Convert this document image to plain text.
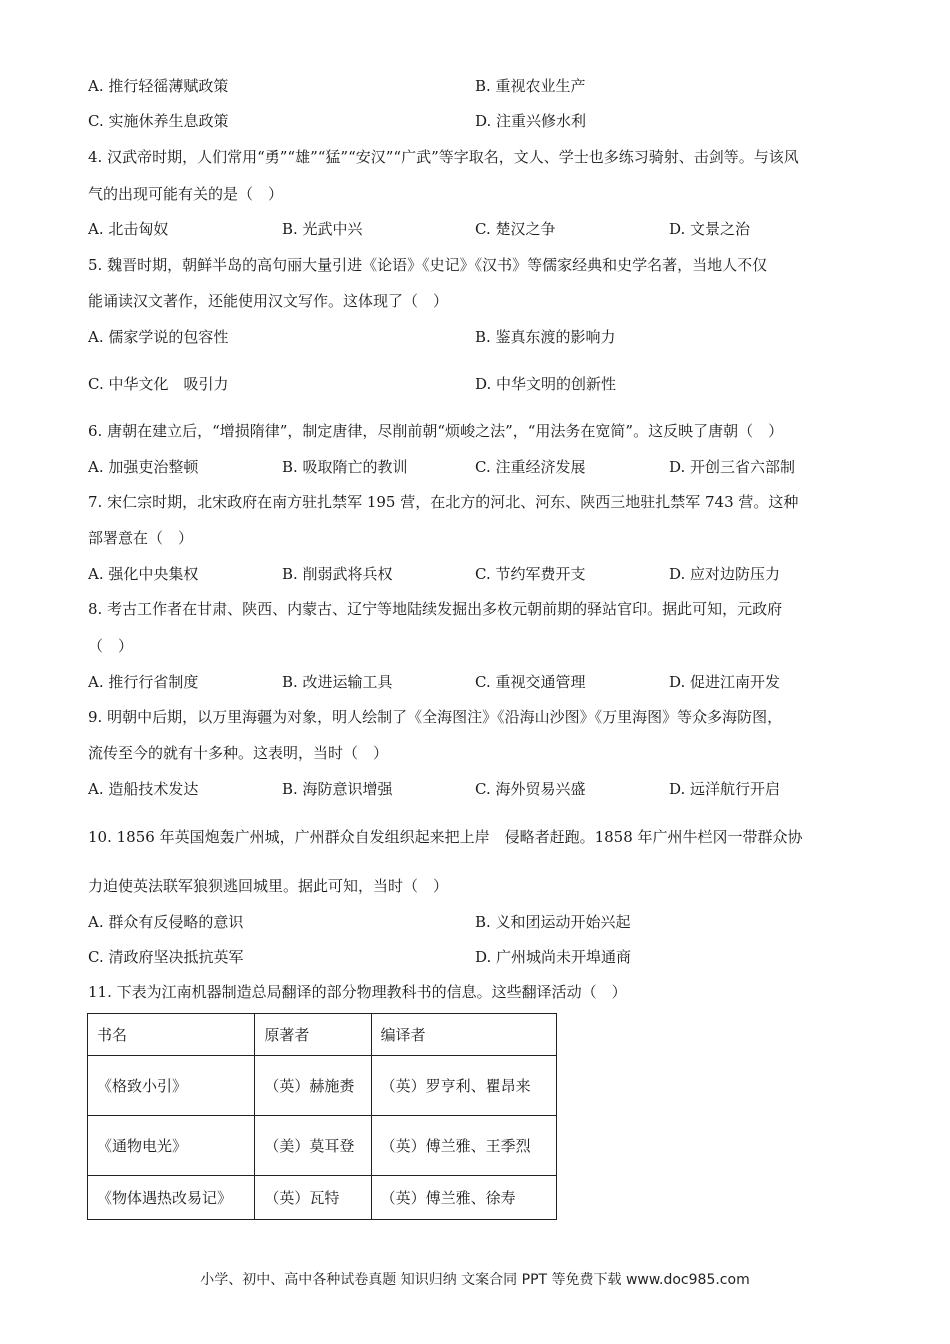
A. 推行轻徭薄赋政策	B. 重视农业生产
C. 实施休养生息政策	D. 注重兴修水利
4. 汉武帝时期，人们常用“勇”“雄”“猛”“安汉”“广武”等字取名，文人、学士也多练习骑射、击剑等。与该风
气的出现可能有关的是（　）
A. 北击匈奴	B. 光武中兴	C. 楚汉之争	D. 文景之治
5. 魏晋时期，朝鲜半岛的高句丽大量引进《论语》《史记》《汉书》等儒家经典和史学名著，当地人不仅
能诵读汉文著作，还能使用汉文写作。这体现了（　）
A. 儒家学说的包容性	B. 鉴真东渡的影响力
C. 中华文化　吸引力	D. 中华文明的创新性
6. 唐朝在建立后，“增损隋律”，制定唐律，尽削前朝“烦峻之法”，“用法务在宽简”。这反映了唐朝（　）
A. 加强吏治整顿	B. 吸取隋亡的教训	C. 注重经济发展	D. 开创三省六部制
7. 宋仁宗时期，北宋政府在南方驻扎禁军 195 营，在北方的河北、河东、陕西三地驻扎禁军 743 营。这种
部署意在（　）
A. 强化中央集权	B. 削弱武将兵权	C. 节约军费开支	D. 应对边防压力
8. 考古工作者在甘肃、陕西、内蒙古、辽宁等地陆续发掘出多枚元朝前期的驿站官印。据此可知，元政府
（　）
A. 推行行省制度	B. 改进运输工具	C. 重视交通管理	D. 促进江南开发
9. 明朝中后期，以万里海疆为对象，明人绘制了《全海图注》《沿海山沙图》《万里海图》等众多海防图，
流传至今的就有十多种。这表明，当时（　）
A. 造船技术发达	B. 海防意识增强	C. 海外贸易兴盛	D. 远洋航行开启
10. 1856 年英国炮轰广州城，广州群众自发组织起来把上岸　侵略者赶跑。1858 年广州牛栏冈一带群众协
力迫使英法联军狼狈逃回城里。据此可知，当时（　）
A. 群众有反侵略的意识	B. 义和团运动开始兴起
C. 清政府坚决抵抗英军	D. 广州城尚未开埠通商
11. 下表为江南机器制造总局翻译的部分物理教科书的信息。这些翻译活动（　）
书名	原著者	编译者
《格致小引》	（英）赫施赉	（英）罗亨利、瞿昂来
《通物电光》	（美）莫耳登	（英）傅兰雅、王季烈
《物体遇热改易记》	（英）瓦特	（英）傅兰雅、徐寿
小学、初中、高中各种试卷真题 知识归纳 文案合同 PPT 等免费下载 www.doc985.com
